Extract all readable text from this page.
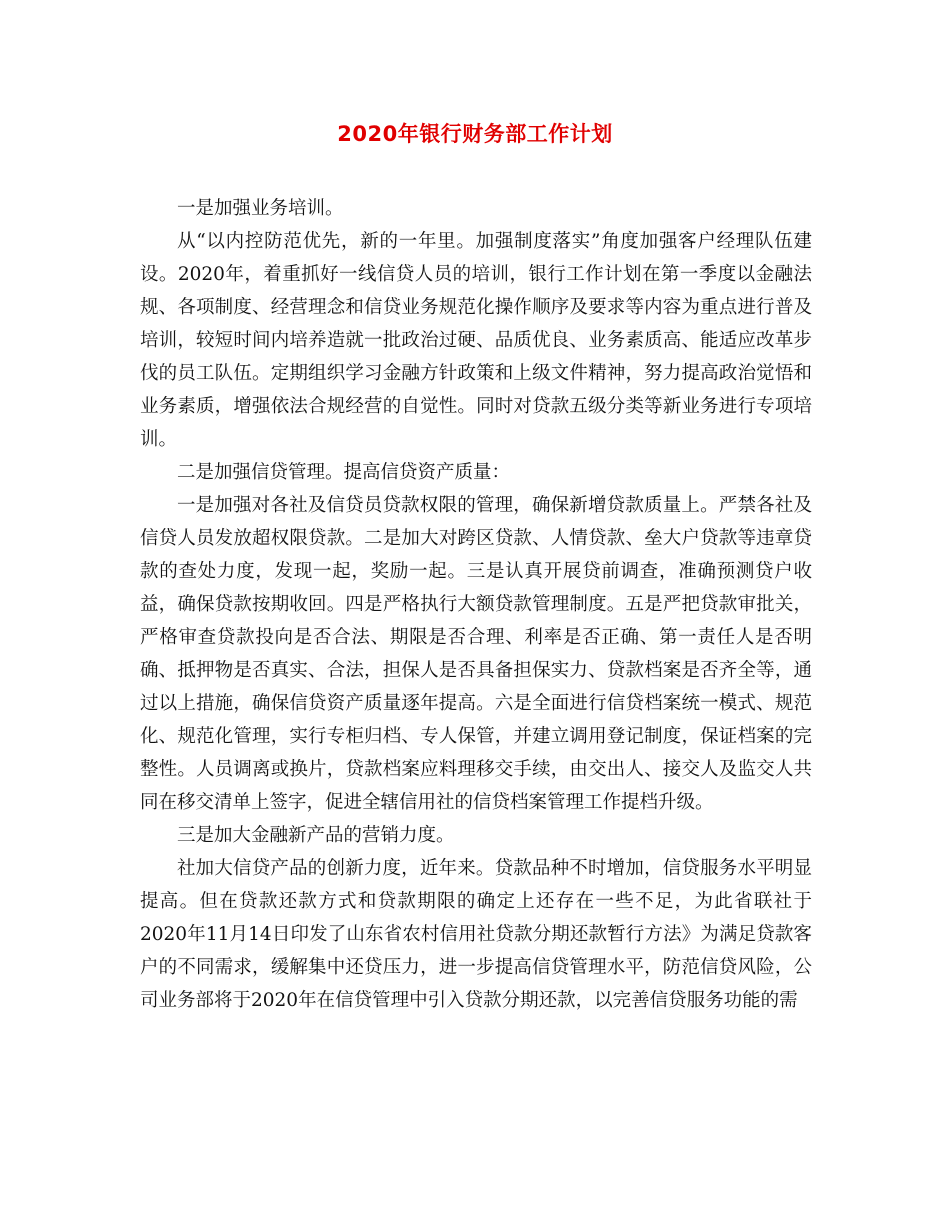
2020年银行财务部工作计划

一是加强业务培训。

从“以内控防范优先，新的一年里。加强制度落实”角度加强客户经理队伍建设。2020年，着重抓好一线信贷人员的培训，银行工作计划在第一季度以金融法规、各项制度、经营理念和信贷业务规范化操作顺序及要求等内容为重点进行普及培训，较短时间内培养造就一批政治过硬、品质优良、业务素质高、能适应改革步伐的员工队伍。定期组织学习金融方针政策和上级文件精神，努力提高政治觉悟和业务素质，增强依法合规经营的自觉性。同时对贷款五级分类等新业务进行专项培训。

二是加强信贷管理。提高信贷资产质量：

一是加强对各社及信贷员贷款权限的管理，确保新增贷款质量上。严禁各社及信贷人员发放超权限贷款。二是加大对跨区贷款、人情贷款、垒大户贷款等违章贷款的查处力度，发现一起，奖励一起。三是认真开展贷前调查，准确预测贷户收益，确保贷款按期收回。四是严格执行大额贷款管理制度。五是严把贷款审批关，严格审查贷款投向是否合法、期限是否合理、利率是否正确、第一责任人是否明确、抵押物是否真实、合法，担保人是否具备担保实力、贷款档案是否齐全等，通过以上措施，确保信贷资产质量逐年提高。六是全面进行信贷档案统一模式、规范化、规范化管理，实行专柜归档、专人保管，并建立调用登记制度，保证档案的完整性。人员调离或换片，贷款档案应料理移交手续，由交出人、接交人及监交人共同在移交清单上签字，促进全辖信用社的信贷档案管理工作提档升级。

三是加大金融新产品的营销力度。

社加大信贷产品的创新力度，近年来。贷款品种不时增加，信贷服务水平明显提高。但在贷款还款方式和贷款期限的确定上还存在一些不足，为此省联社于2020年11月14日印发了山东省农村信用社贷款分期还款暂行方法》为满足贷款客户的不同需求，缓解集中还贷压力，进一步提高信贷管理水平，防范信贷风险，公司业务部将于2020年在信贷管理中引入贷款分期还款，以完善信贷服务功能的需
